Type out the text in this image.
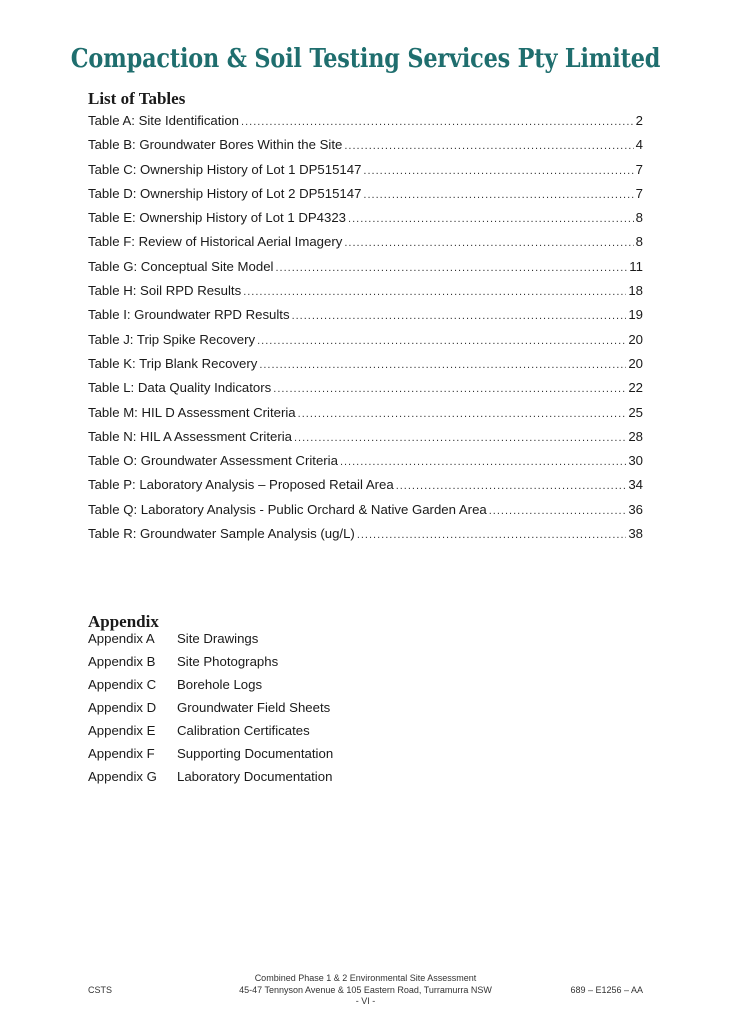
Compaction & Soil Testing Services Pty Limited
List of Tables
Table A: Site Identification .....	2
Table B: Groundwater Bores Within the Site .....	4
Table C: Ownership History of Lot 1 DP515147 .....	7
Table D: Ownership History of Lot 2 DP515147 .....	7
Table E: Ownership History of Lot 1 DP4323 .....	8
Table F: Review of Historical Aerial Imagery .....	8
Table G: Conceptual Site Model .....	11
Table H: Soil RPD Results .....	18
Table I: Groundwater RPD Results .....	19
Table J: Trip Spike Recovery .....	20
Table K: Trip Blank Recovery .....	20
Table L: Data Quality Indicators .....	22
Table M: HIL D Assessment Criteria .....	25
Table N: HIL A Assessment Criteria .....	28
Table O: Groundwater Assessment Criteria .....	30
Table P: Laboratory Analysis – Proposed Retail Area .....	34
Table Q: Laboratory Analysis - Public Orchard & Native Garden Area .....	36
Table R: Groundwater Sample Analysis (ug/L) .....	38
Appendix
Appendix A	Site Drawings
Appendix B	Site Photographs
Appendix C	Borehole Logs
Appendix D	Groundwater Field Sheets
Appendix E	Calibration Certificates
Appendix F	Supporting Documentation
Appendix G	Laboratory Documentation
Combined Phase 1 & 2 Environmental Site Assessment
45-47 Tennyson Avenue & 105 Eastern Road, Turramurra NSW
- VI -
CSTS	689 – E1256 – AA
